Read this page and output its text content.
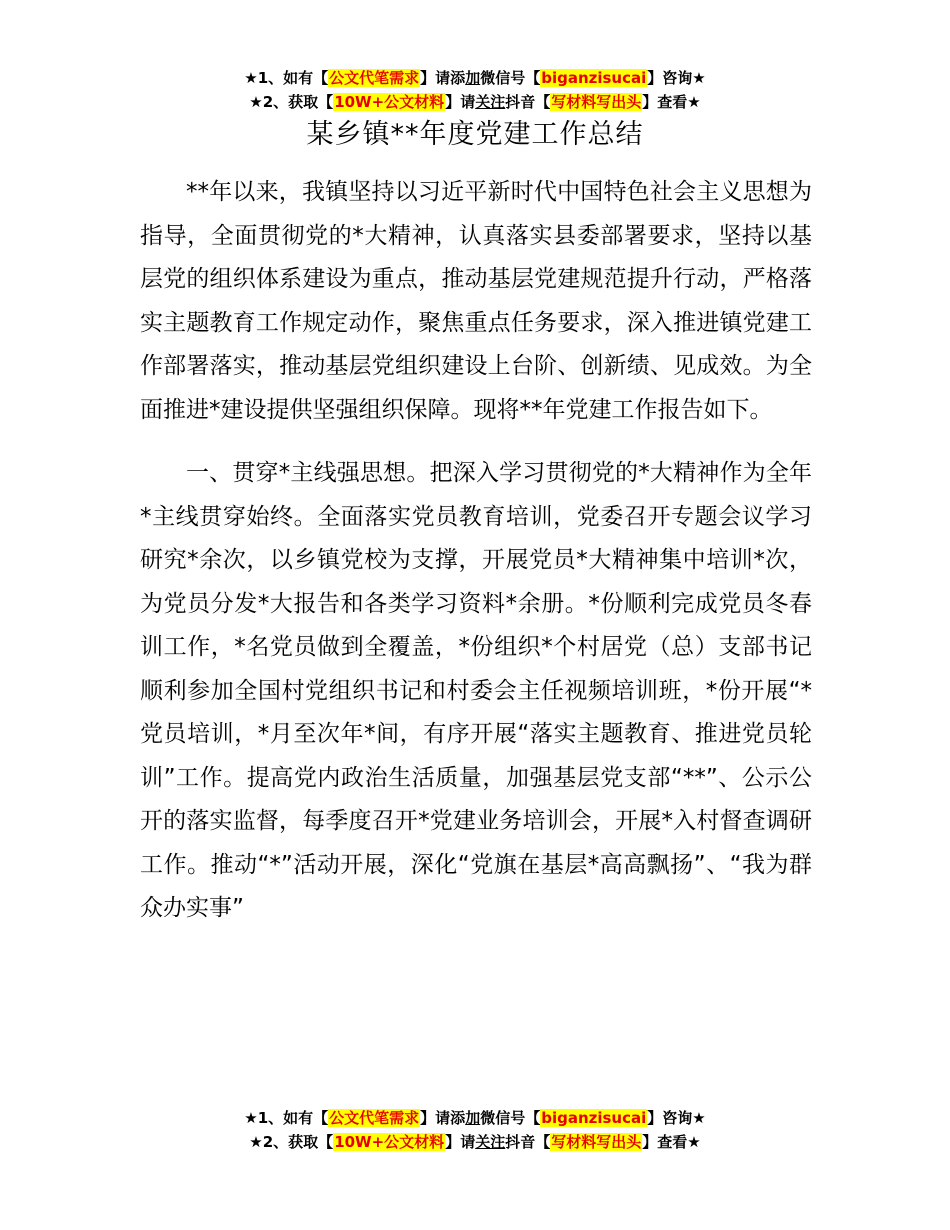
★1、如有【公文代笔需求】请添加微信号【biganzisucai】咨询★
★2、获取【10W+公文材料】请关注抖音【写材料写出头】查看★
某乡镇**年度党建工作总结

**年以来，我镇坚持以习近平新时代中国特色社会主义思想为指导，全面贯彻党的*大精神，认真落实县委部署要求，坚持以基层党的组织体系建设为重点，推动基层党建规范提升行动，严格落实主题教育工作规定动作，聚焦重点任务要求，深入推进镇党建工作部署落实，推动基层党组织建设上台阶、创新绩、见成效。为全面推进*建设提供坚强组织保障。现将**年党建工作报告如下。

一、贯穿*主线强思想。把深入学习贯彻党的*大精神作为全年*主线贯穿始终。全面落实党员教育培训，党委召开专题会议学习研究*余次，以乡镇党校为支撑，开展党员*大精神集中培训*次，为党员分发*大报告和各类学习资料*余册。*份顺利完成党员冬春训工作，*名党员做到全覆盖，*份组织*个村居党（总）支部书记顺利参加全国村党组织书记和村委会主任视频培训班，*份开展“*党员培训，*月至次年*间，有序开展“落实主题教育、推进党员轮训”工作。提高党内政治生活质量，加强基层党支部“**”、公示公开的落实监督，每季度召开*党建业务培训会，开展*入村督查调研工作。推动“*”活动开展，深化“党旗在基层*高高飘扬”、“我为群众办实事”

★1、如有【公文代笔需求】请添加微信号【biganzisucai】咨询★
★2、获取【10W+公文材料】请关注抖音【写材料写出头】查看★
